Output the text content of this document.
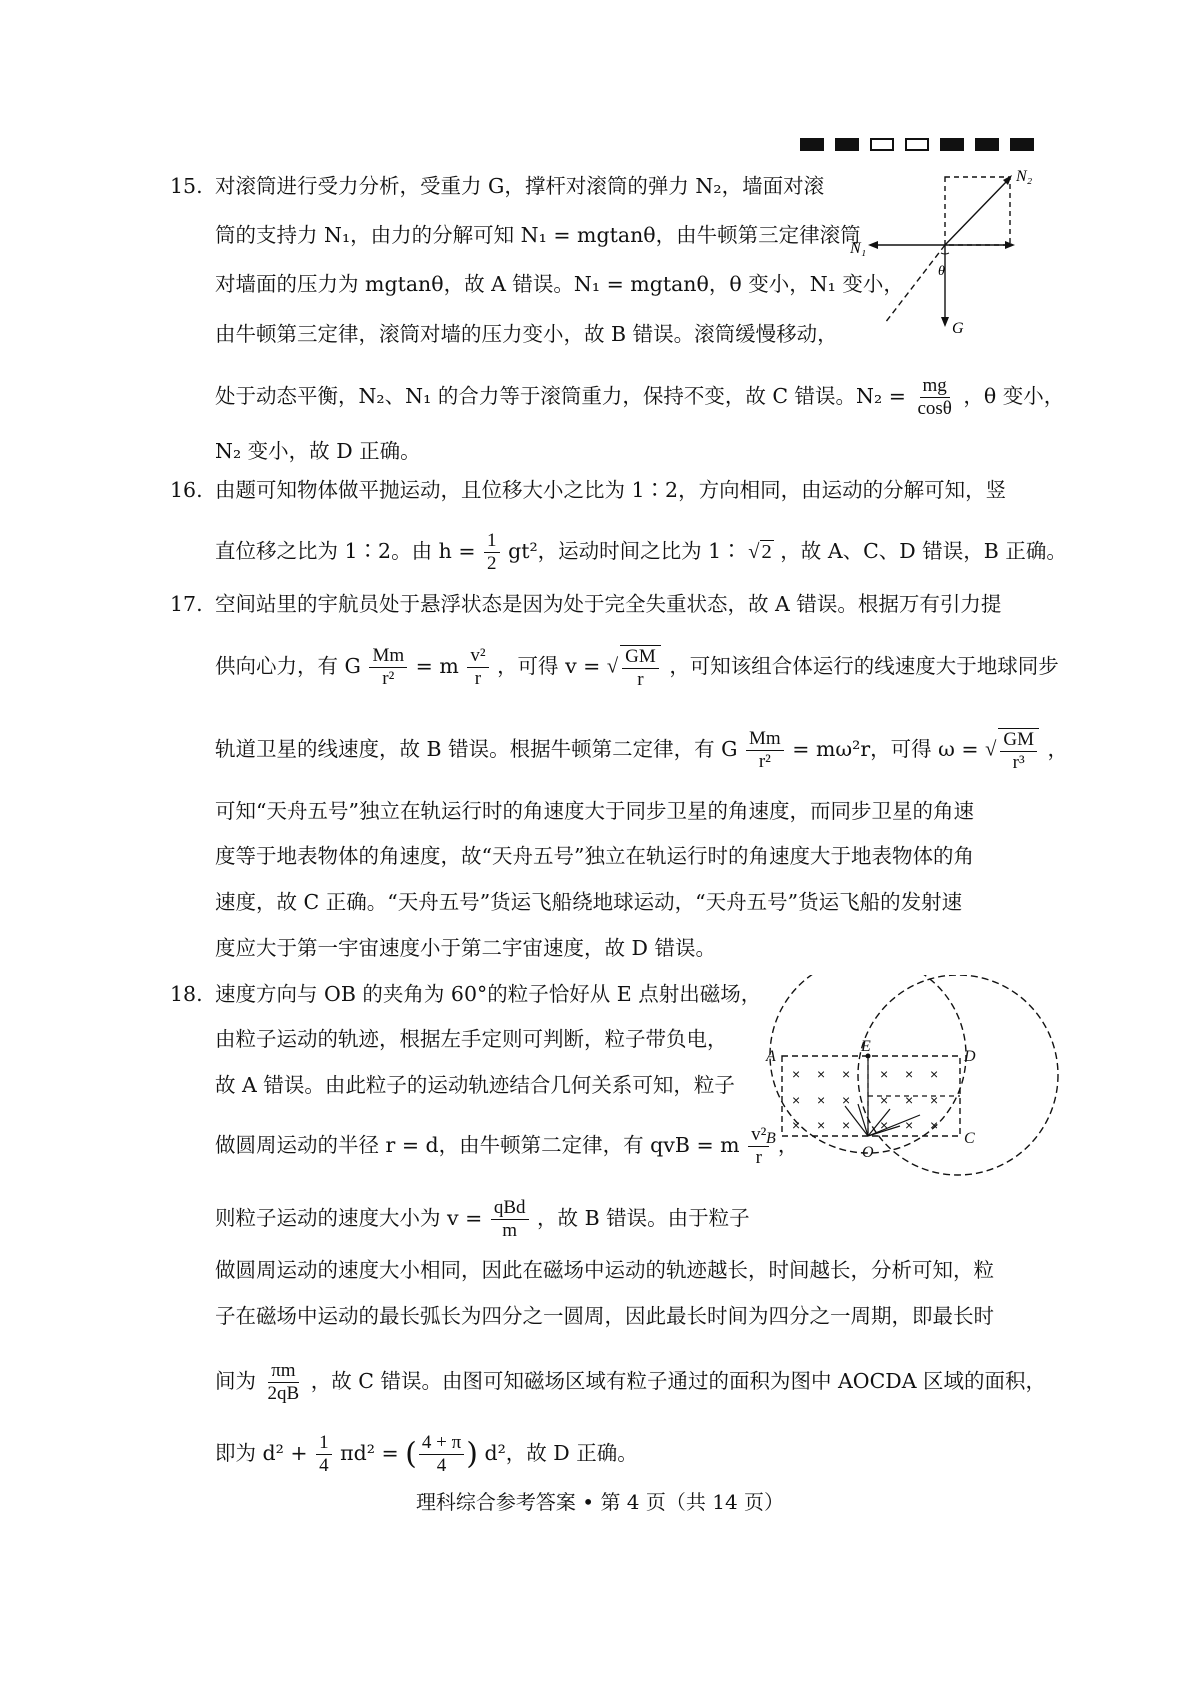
15. 对滚筒进行受力分析，受重力 G，撑杆对滚筒的弹力 N₂，墙面对滚
筒的支持力 N₁，由力的分解可知 N₁ = mgtanθ，由牛顿第三定律滚筒
对墙面的压力为 mgtanθ，故 A 错误。N₁ = mgtanθ，θ 变小，N₁ 变小，
由牛顿第三定律，滚筒对墙的压力变小，故 B 错误。滚筒缓慢移动，
处于动态平衡，N₂、N₁ 的合力等于滚筒重力，保持不变，故 C 错误。$N_2 = \frac{mg}{\cos\theta}$ ，θ 变小，
N₂ 变小，故 D 正确。
N₂
N₁
θ
G
16. 由题可知物体做平抛运动，且位移大小之比为 1∶2，方向相同，由运动的分解可知，竖
直位移之比为 1∶2。由 $h = \frac{1}{2} gt^2$，运动时间之比为 1∶ √2 ，故 A、C、D 错误，B 正确。
17. 空间站里的宇航员处于悬浮状态是因为处于完全失重状态，故 A 错误。根据万有引力提
供向心力，有 G $\frac{Mm}{\text{r²}} = m \frac{\text{v²}}{r}$ ，可得 v = √ $\frac{GM}{r}$ ，可知该组合体运行的线速度大于地球同步
轨道卫星的线速度，故 B 错误。根据牛顿第二定律，有 G $\frac{Mm}{\text{r²}} = m\omega^2r$，可得 ω = √ $\frac{GM}{\text{r³}}$ ，
可知“天舟五号”独立在轨运行时的角速度大于同步卫星的角速度，而同步卫星的角速
度等于地表物体的角速度，故“天舟五号”独立在轨运行时的角速度大于地表物体的角
速度，故 C 正确。“天舟五号”货运飞船绕地球运动，“天舟五号”货运飞船的发射速
度应大于第一宇宙速度小于第二宇宙速度，故 D 错误。
18. 速度方向与 OB 的夹角为 60°的粒子恰好从 E 点射出磁场，
由粒子运动的轨迹，根据左手定则可判断，粒子带负电，
故 A 错误。由此粒子的运动轨迹结合几何关系可知，粒子
做圆周运动的半径 r = d，由牛顿第二定律，有 qvB = m $\frac{\text{v²}}{r}$ ，
则粒子运动的速度大小为 $v = \frac{\text{qBd}}{m}$ ，故 B 错误。由于粒子
做圆周运动的速度大小相同，因此在磁场中运动的轨迹越长，时间越长，分析可知，粒
子在磁场中运动的最长弧长为四分之一圆周，因此最长时间为四分之一周期，即最长时
间为 $\frac{\pi m}{2qB}$ ，故 C 错误。由图可知磁场区域有粒子通过的面积为图中 AOCDA 区域的面积，
即为 $d^2 + \frac{1}{4} \pi d^2$ = ( $\frac{4 + \pi}{4}$ ) d²，故 D 正确。
× × × × × ×
× × × × × ×
× × × × × ×
A
E
D
B
O
C
理科综合参考答案 • 第 4 页（共 14 页）
